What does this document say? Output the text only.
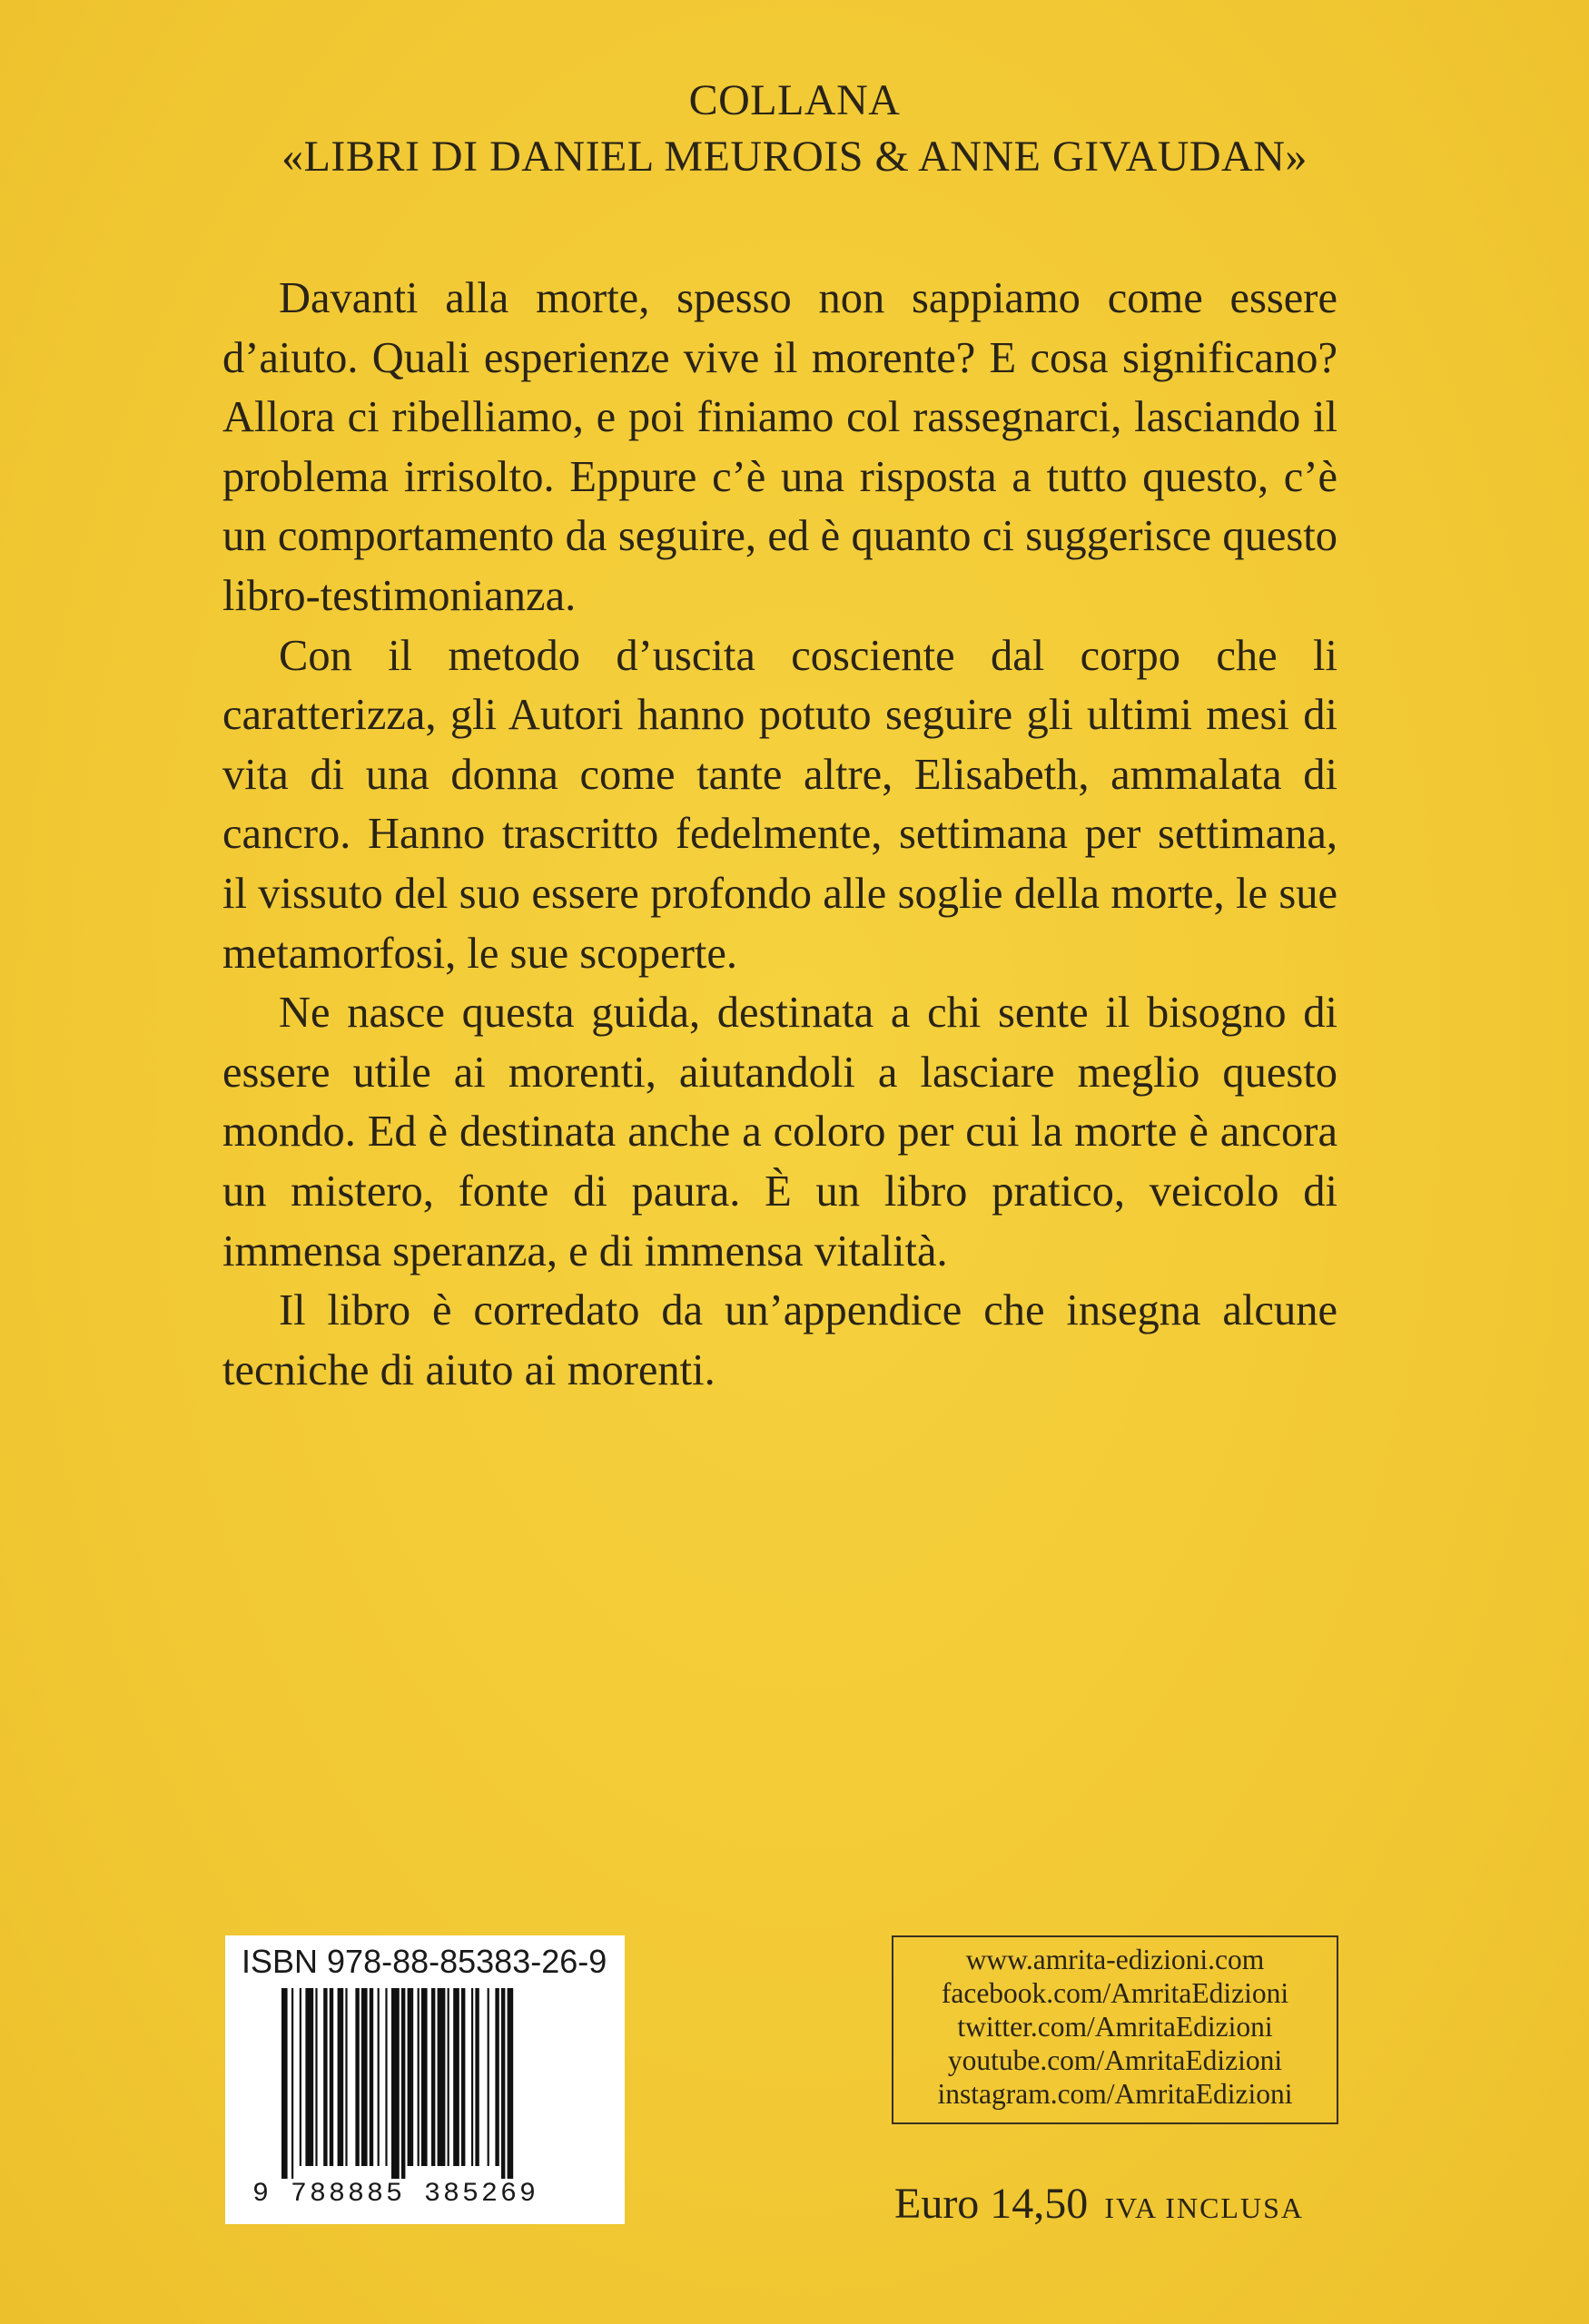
COLLANA
«LIBRI DI DANIEL MEUROIS & ANNE GIVAUDAN»

Davanti alla morte, spesso non sappiamo come essere d’aiuto. Quali esperienze vive il morente? E cosa significano? Allora ci ribelliamo, e poi finiamo col rassegnarci, lasciando il problema irrisolto. Eppure c’è una risposta a tutto questo, c’è un comportamento da seguire, ed è quanto ci suggerisce questo libro-testimonianza.

Con il metodo d’uscita cosciente dal corpo che li caratterizza, gli Autori hanno potuto seguire gli ultimi mesi di vita di una donna come tante altre, Elisabeth, ammalata di cancro. Hanno trascritto fedelmente, settimana per settimana, il vissuto del suo essere profondo alle soglie della morte, le sue metamorfosi, le sue scoperte.

Ne nasce questa guida, destinata a chi sente il bisogno di essere utile ai morenti, aiutandoli a lasciare meglio questo mondo. Ed è destinata anche a coloro per cui la morte è ancora un mistero, fonte di paura. È un libro pratico, veicolo di immensa speranza, e di immensa vitalità.

Il libro è corredato da un’appendice che insegna alcune tecniche di aiuto ai morenti.

ISBN 978-88-85383-26-9
9 788885 385269
www.amrita-edizioni.com
facebook.com/AmritaEdizioni
twitter.com/AmritaEdizioni
youtube.com/AmritaEdizioni
instagram.com/AmritaEdizioni
Euro 14,50 IVA INCLUSA
